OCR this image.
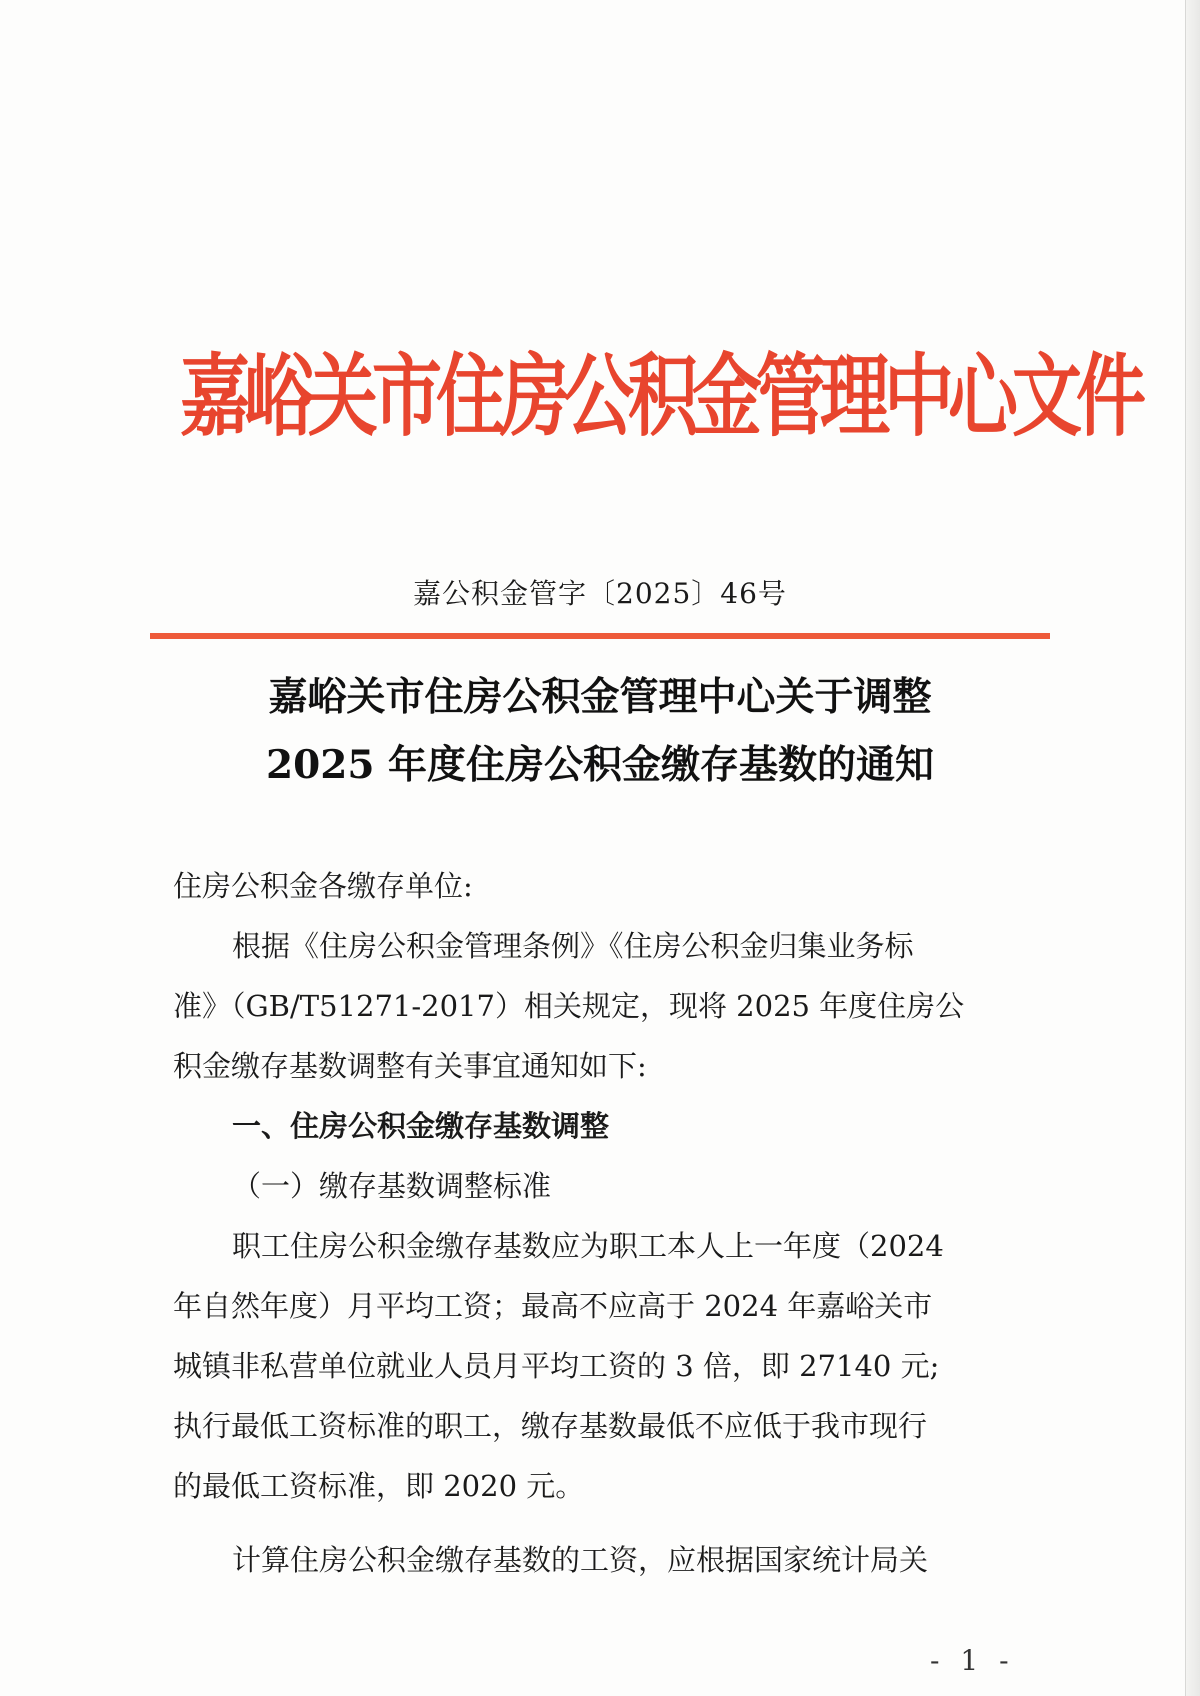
嘉峪关市住房公积金管理中心文件
嘉公积金管字〔2025〕46号
嘉峪关市住房公积金管理中心关于调整
2025 年度住房公积金缴存基数的通知
住房公积金各缴存单位:
根据《住房公积金管理条例》《住房公积金归集业务标
准》（GB/T51271-2017）相关规定，现将 2025 年度住房公
积金缴存基数调整有关事宜通知如下:
一、住房公积金缴存基数调整
（一）缴存基数调整标准
职工住房公积金缴存基数应为职工本人上一年度（2024
年自然年度）月平均工资；最高不应高于 2024 年嘉峪关市
城镇非私营单位就业人员月平均工资的 3 倍，即 27140 元;
执行最低工资标准的职工，缴存基数最低不应低于我市现行
的最低工资标准，即 2020 元。
计算住房公积金缴存基数的工资，应根据国家统计局关
- 1 -
